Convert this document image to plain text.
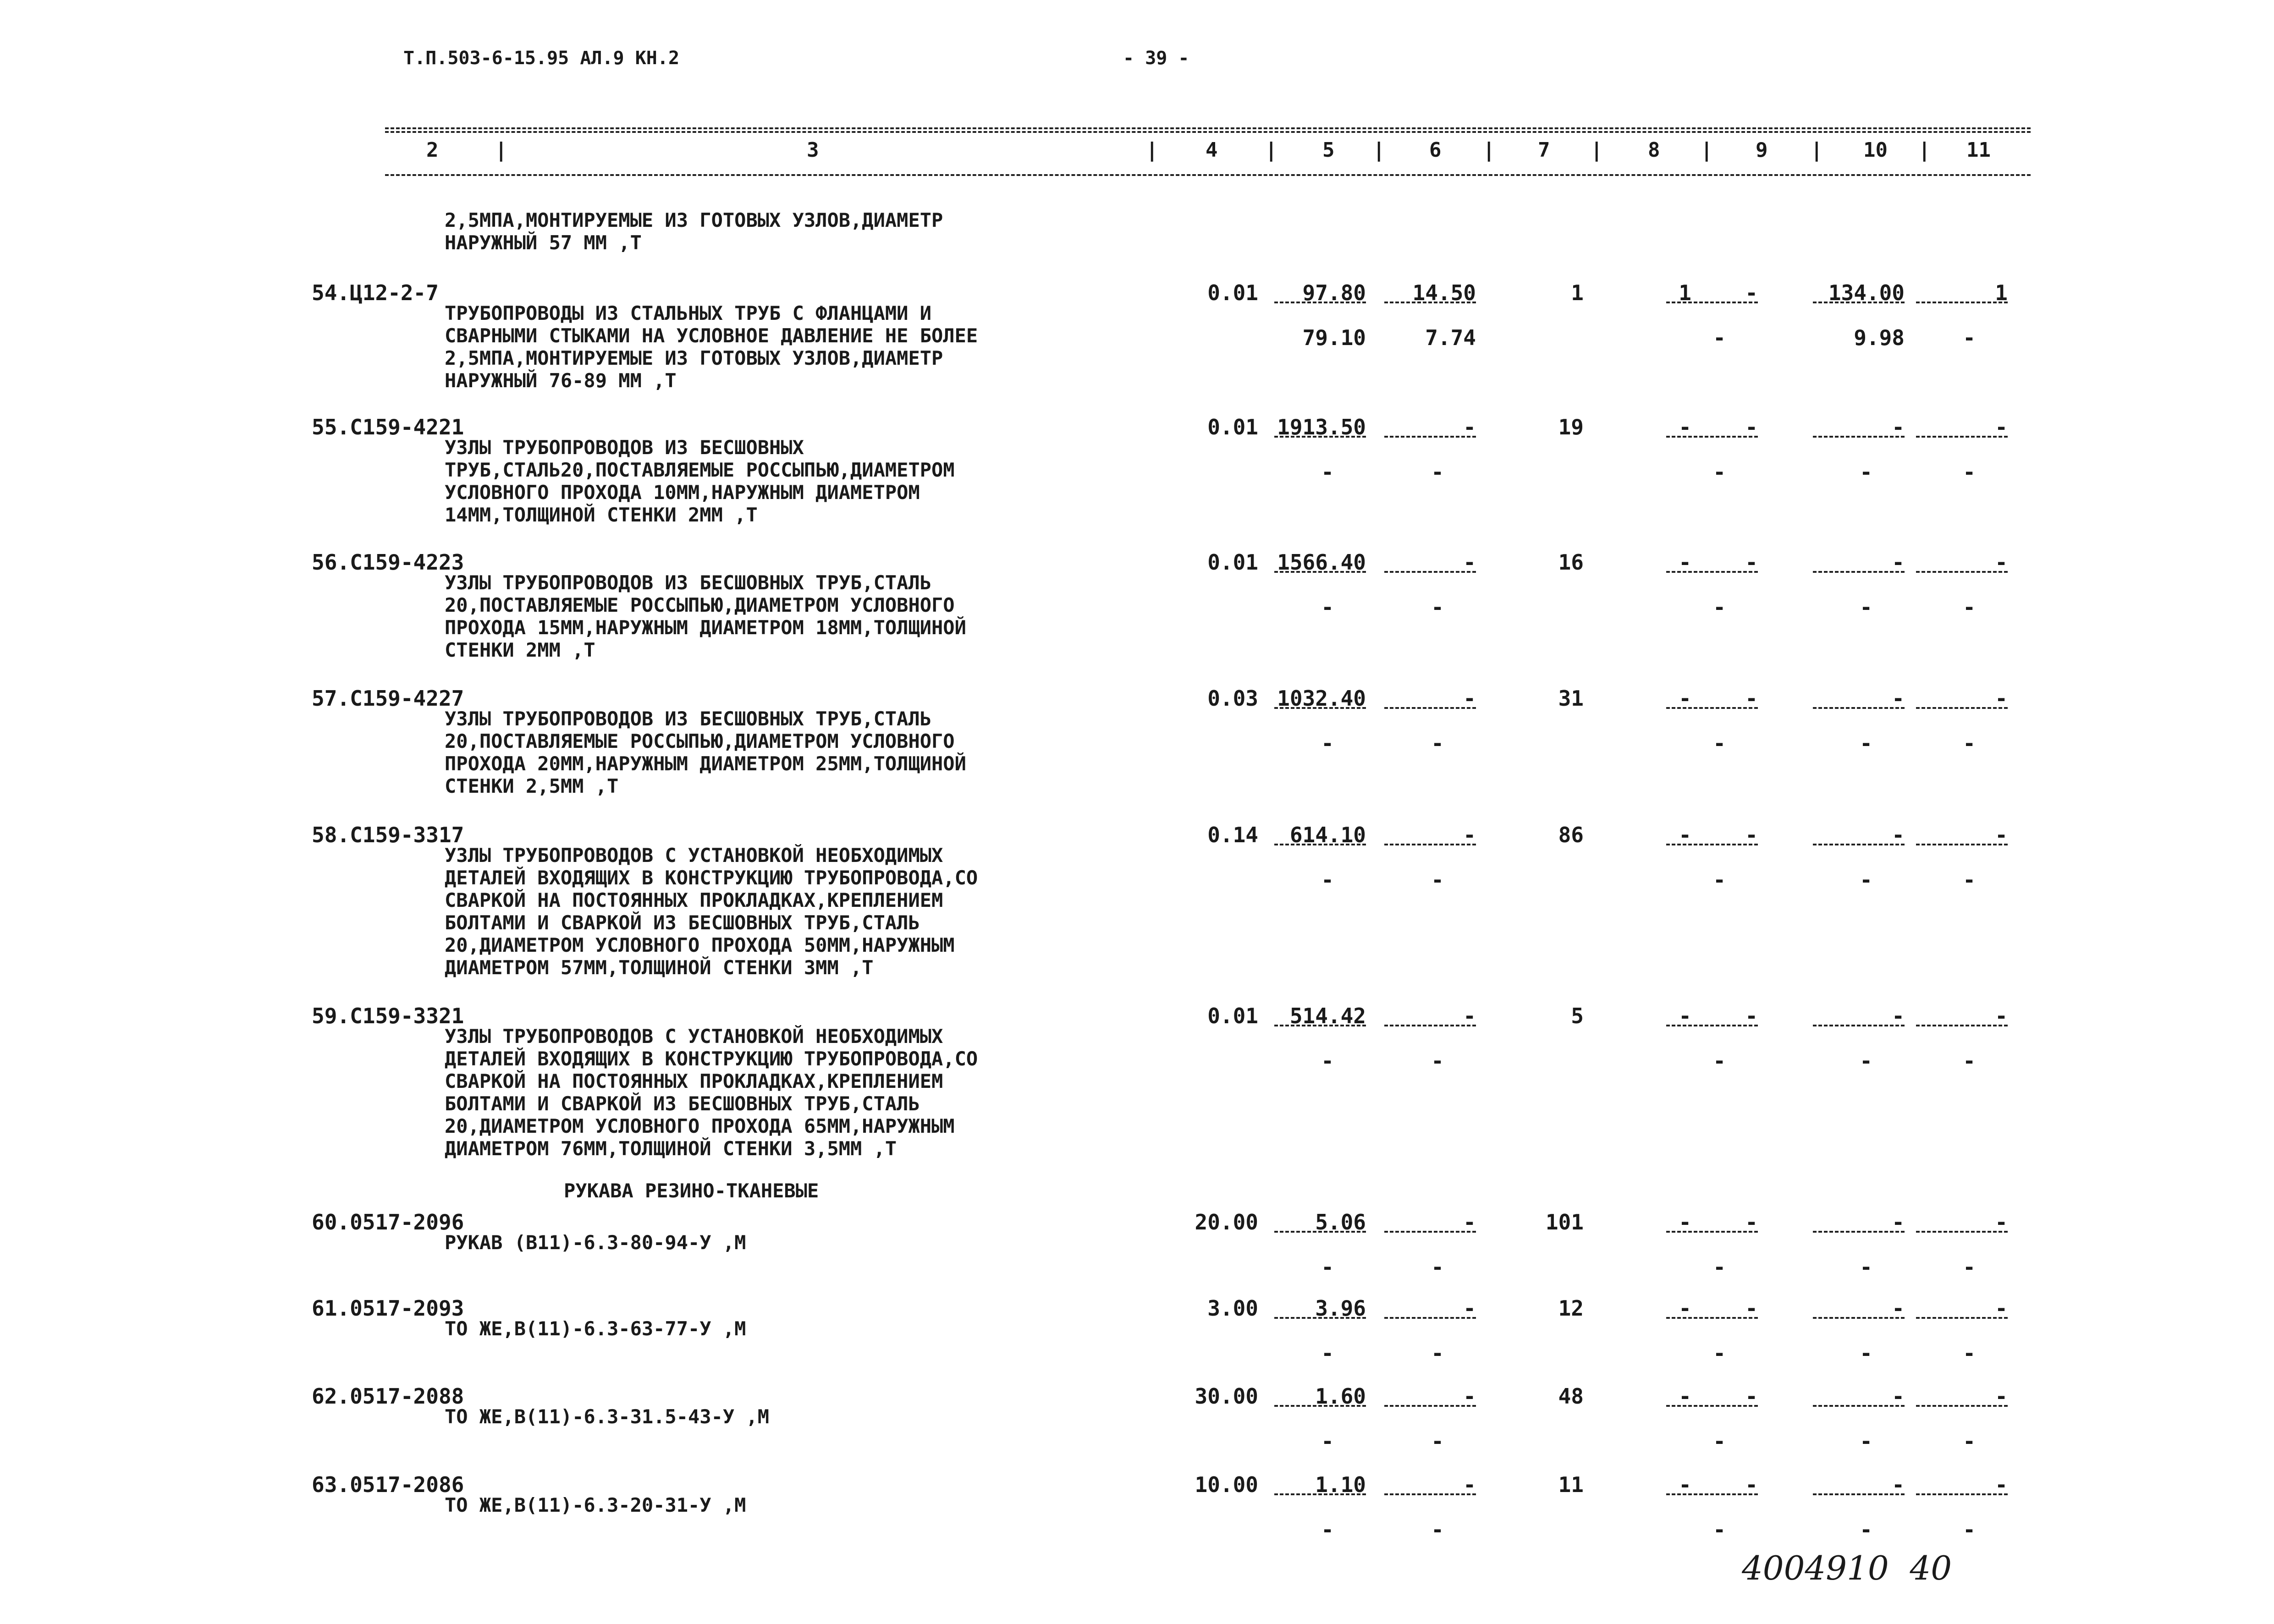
Т.П.503-6-15.95 АЛ.9 КН.2	- 39 -
2	3	4	5	6	7	8	9	10	11
|	|	|	|	|	|	|	|	|
2,5МПА,МОНТИРУЕМЫЕ ИЗ ГОТОВЫХ УЗЛОВ,ДИАМЕТР
НАРУЖНЫЙ 57 ММ ,Т
54.Ц12-2-7
ТРУБОПРОВОДЫ ИЗ СТАЛЬНЫХ ТРУБ С ФЛАНЦАМИ И
СВАРНЫМИ СТЫКАМИ НА УСЛОВНОЕ ДАВЛЕНИЕ НЕ БОЛЕЕ
2,5МПА,МОНТИРУЕМЫЕ ИЗ ГОТОВЫХ УЗЛОВ,ДИАМЕТР
НАРУЖНЫЙ 76-89 ММ ,Т
0.01 97.80 14.50	1	1	-	134.00	1
79.10	7.74	-	9.98	-
55.С159-4221
УЗЛЫ ТРУБОПРОВОДОВ ИЗ БЕСШОВНЫХ
ТРУБ,СТАЛЬ20,ПОСТАВЛЯЕМЫЕ РОССЫПЬЮ,ДИАМЕТРОМ
УСЛОВНОГО ПРОХОДА 10ММ,НАРУЖНЫМ ДИАМЕТРОМ
14ММ,ТОЛЩИНОЙ СТЕНКИ 2ММ ,Т
0.01 1913.50	-	19	-	-	-	-
-	-	-	-	-
56.С159-4223
УЗЛЫ ТРУБОПРОВОДОВ ИЗ БЕСШОВНЫХ ТРУБ,СТАЛЬ
20,ПОСТАВЛЯЕМЫЕ РОССЫПЬЮ,ДИАМЕТРОМ УСЛОВНОГО
ПРОХОДА 15ММ,НАРУЖНЫМ ДИАМЕТРОМ 18ММ,ТОЛЩИНОЙ
СТЕНКИ 2ММ ,Т
0.01 1566.40	-	16	-	-	-	-
-	-	-	-	-
57.С159-4227
УЗЛЫ ТРУБОПРОВОДОВ ИЗ БЕСШОВНЫХ ТРУБ,СТАЛЬ
20,ПОСТАВЛЯЕМЫЕ РОССЫПЬЮ,ДИАМЕТРОМ УСЛОВНОГО
ПРОХОДА 20ММ,НАРУЖНЫМ ДИАМЕТРОМ 25ММ,ТОЛЩИНОЙ
СТЕНКИ 2,5ММ ,Т
0.03 1032.40	-	31	-	-	-	-
-	-	-	-	-
58.С159-3317
УЗЛЫ ТРУБОПРОВОДОВ С УСТАНОВКОЙ НЕОБХОДИМЫХ
ДЕТАЛЕЙ ВХОДЯЩИХ В КОНСТРУКЦИЮ ТРУБОПРОВОДА,СО
СВАРКОЙ НА ПОСТОЯННЫХ ПРОКЛАДКАХ,КРЕПЛЕНИЕМ
БОЛТАМИ И СВАРКОЙ ИЗ БЕСШОВНЫХ ТРУБ,СТАЛЬ
20,ДИАМЕТРОМ УСЛОВНОГО ПРОХОДА 50ММ,НАРУЖНЫМ
ДИАМЕТРОМ 57ММ,ТОЛЩИНОЙ СТЕНКИ 3ММ ,Т
0.14 614.10	-	86	-	-	-	-
-	-	-	-	-
59.С159-3321
УЗЛЫ ТРУБОПРОВОДОВ С УСТАНОВКОЙ НЕОБХОДИМЫХ
ДЕТАЛЕЙ ВХОДЯЩИХ В КОНСТРУКЦИЮ ТРУБОПРОВОДА,СО
СВАРКОЙ НА ПОСТОЯННЫХ ПРОКЛАДКАХ,КРЕПЛЕНИЕМ
БОЛТАМИ И СВАРКОЙ ИЗ БЕСШОВНЫХ ТРУБ,СТАЛЬ
20,ДИАМЕТРОМ УСЛОВНОГО ПРОХОДА 65ММ,НАРУЖНЫМ
ДИАМЕТРОМ 76ММ,ТОЛЩИНОЙ СТЕНКИ 3,5ММ ,Т
0.01 514.42	-	5	-	-	-	-
-	-	-	-	-
60.0517-2096
РУКАВ (В11)-6.3-80-94-У ,М
20.00	5.06	-	101	-	-	-	-
-	-	-	-	-
61.0517-2093
ТО ЖЕ,В(11)-6.3-63-77-У ,М
3.00	3.96	-	12	-	-	-	-
-	-	-	-	-
62.0517-2088
ТО ЖЕ,В(11)-6.3-31.5-43-У ,М
30.00	1.60	-	48	-	-	-	-
-	-	-	-	-
63.0517-2086
ТО ЖЕ,В(11)-6.3-20-31-У ,М
10.00	1.10	-	11	-	-	-	-
-	-	-	-	-
4004910  40
РУКАВА РЕЗИНО-ТКАНЕВЫЕ
